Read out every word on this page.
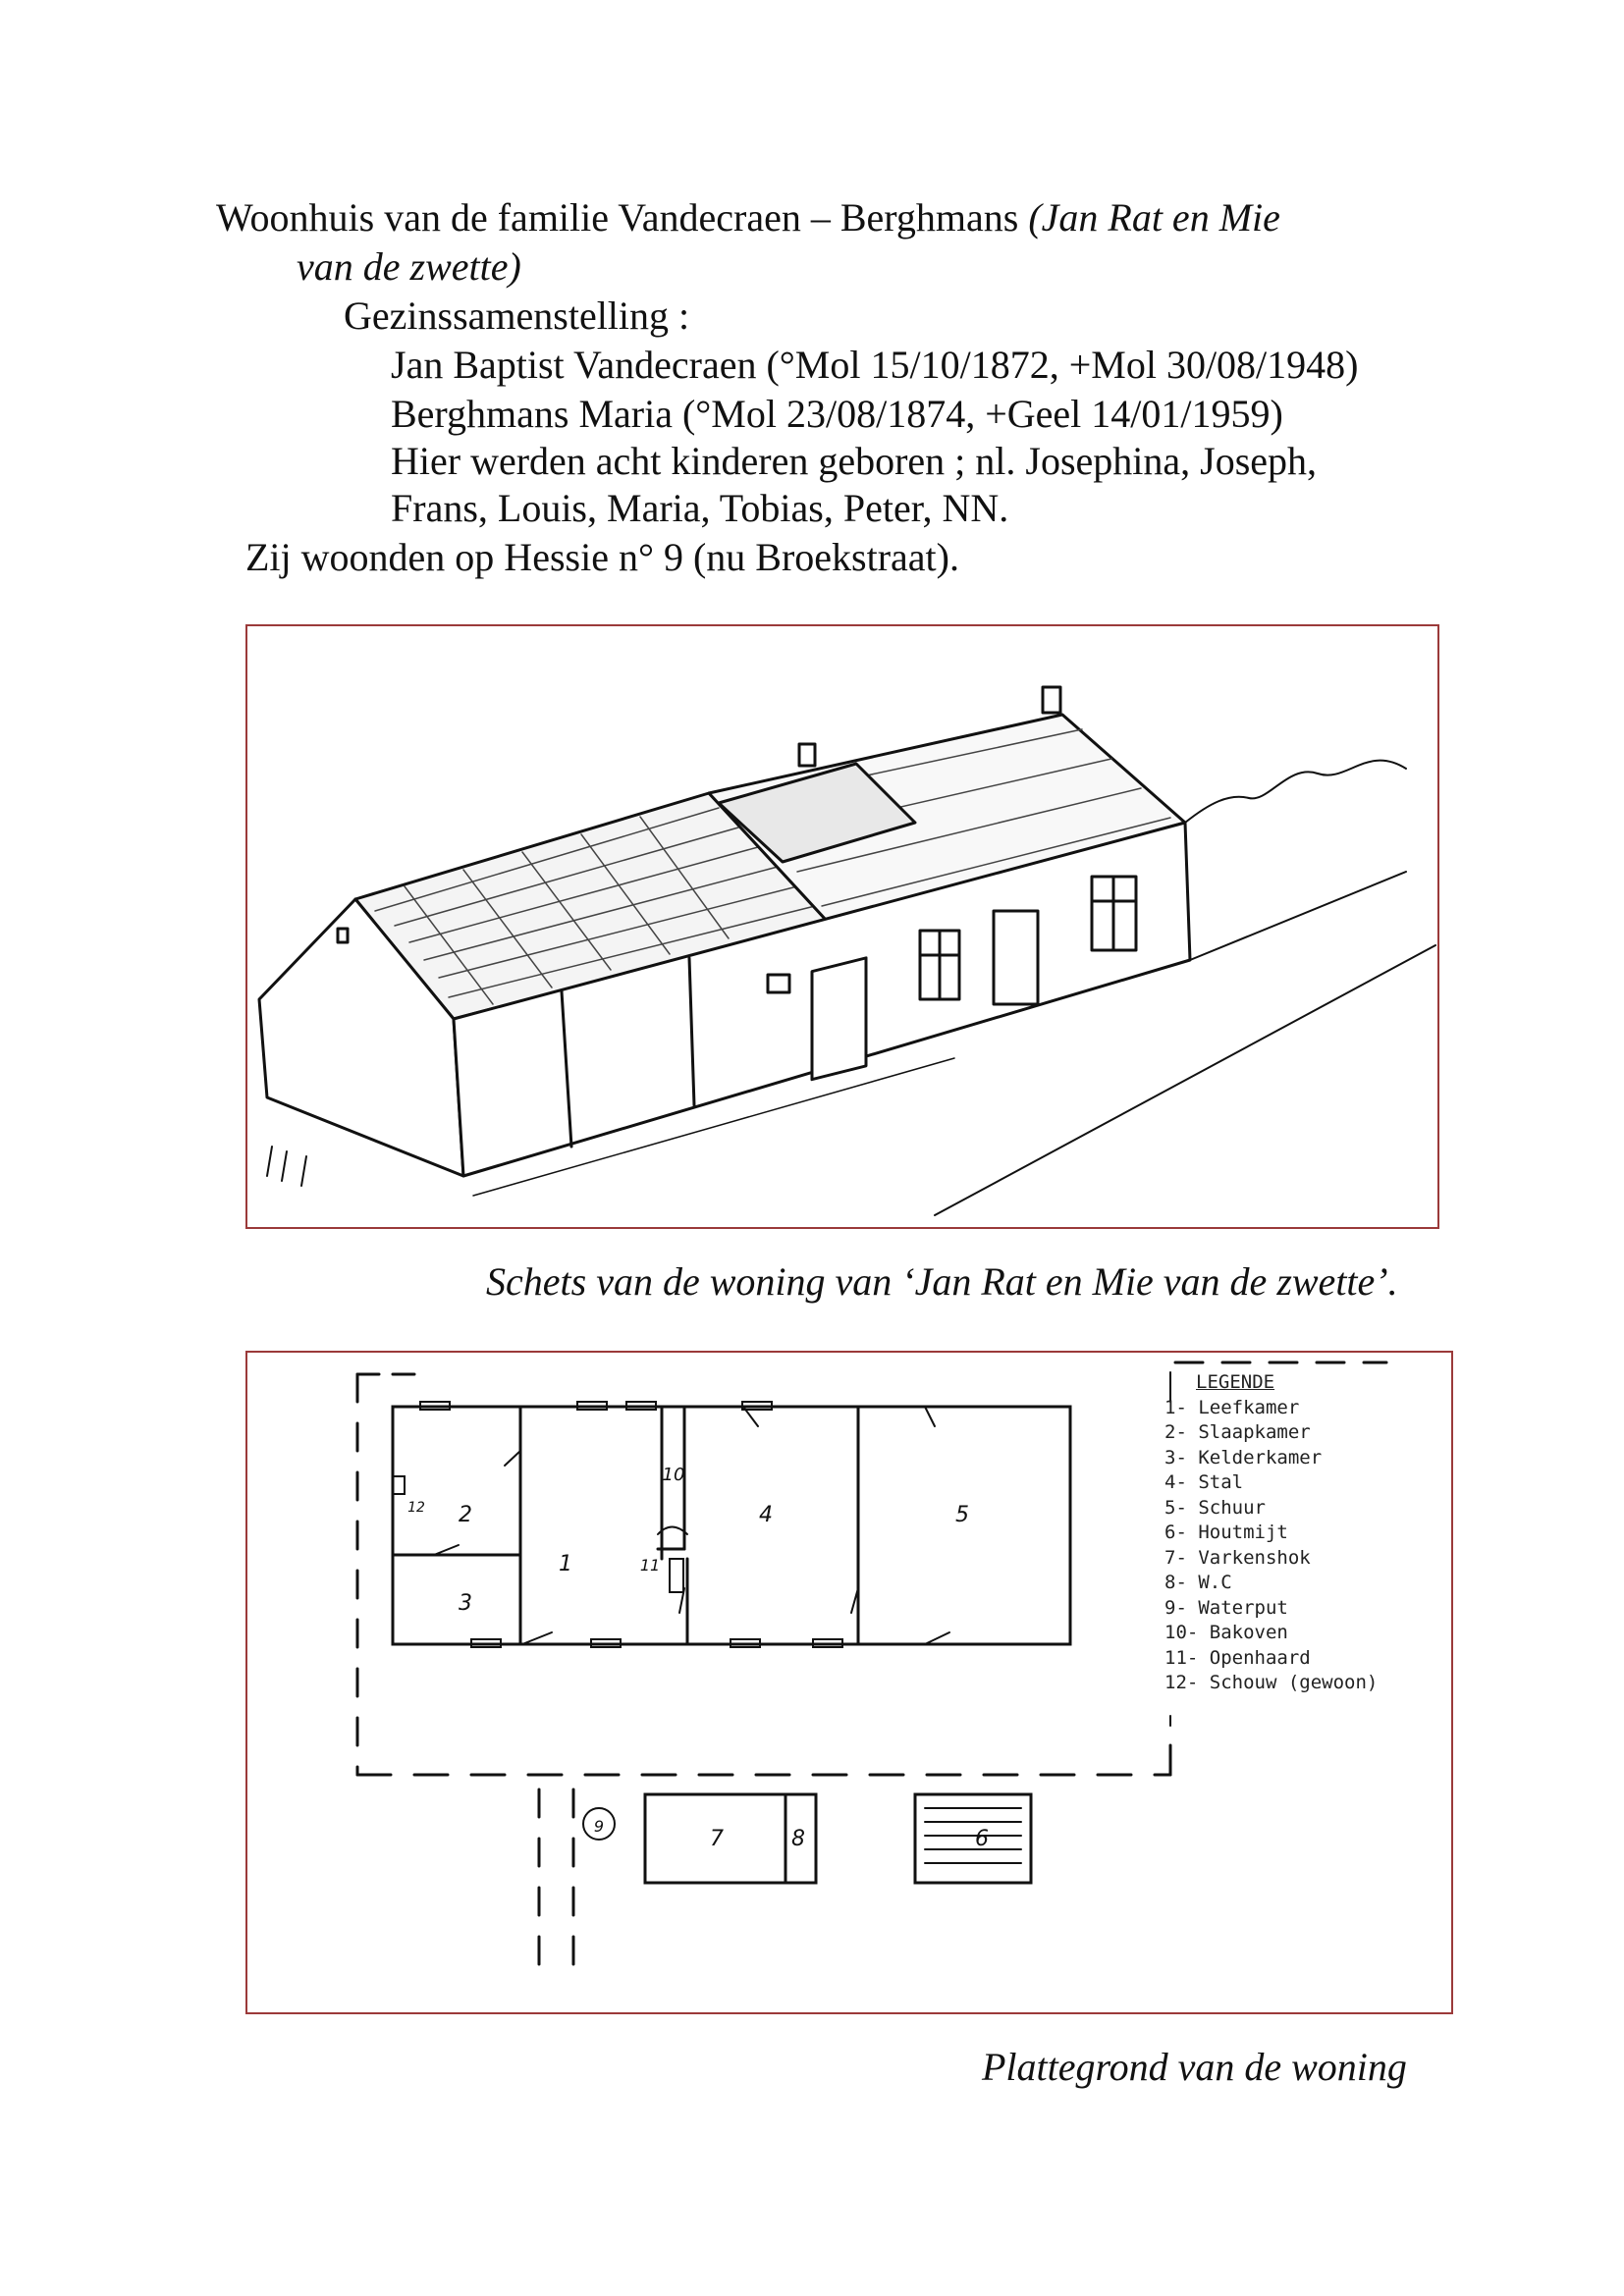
Woonhuis van de familie Vandecraen – Berghmans (Jan Rat en Mie
van de zwette)
Gezinssamenstelling :
Jan Baptist Vandecraen (°Mol 15/10/1872, +Mol 30/08/1948)
Berghmans Maria (°Mol 23/08/1874, +Geel 14/01/1959)
Hier werden acht kinderen geboren ; nl. Josephina, Joseph,
Frans, Louis, Maria, Tobias, Peter, NN.
Zij woonden op Hessie n° 9 (nu Broekstraat).
Schets van de woning van ‘Jan Rat en Mie van de zwette’.
1
2
3
4	5
6
7	8
9
10
11
12
LEGENDE
1- Leefkamer
2- Slaapkamer
3- Kelderkamer
4- Stal
5- Schuur
6- Houtmijt
7- Varkenshok
8- W.C
9- Waterput
10- Bakoven
11- Openhaard
12- Schouw (gewoon)
Plattegrond van de woning
